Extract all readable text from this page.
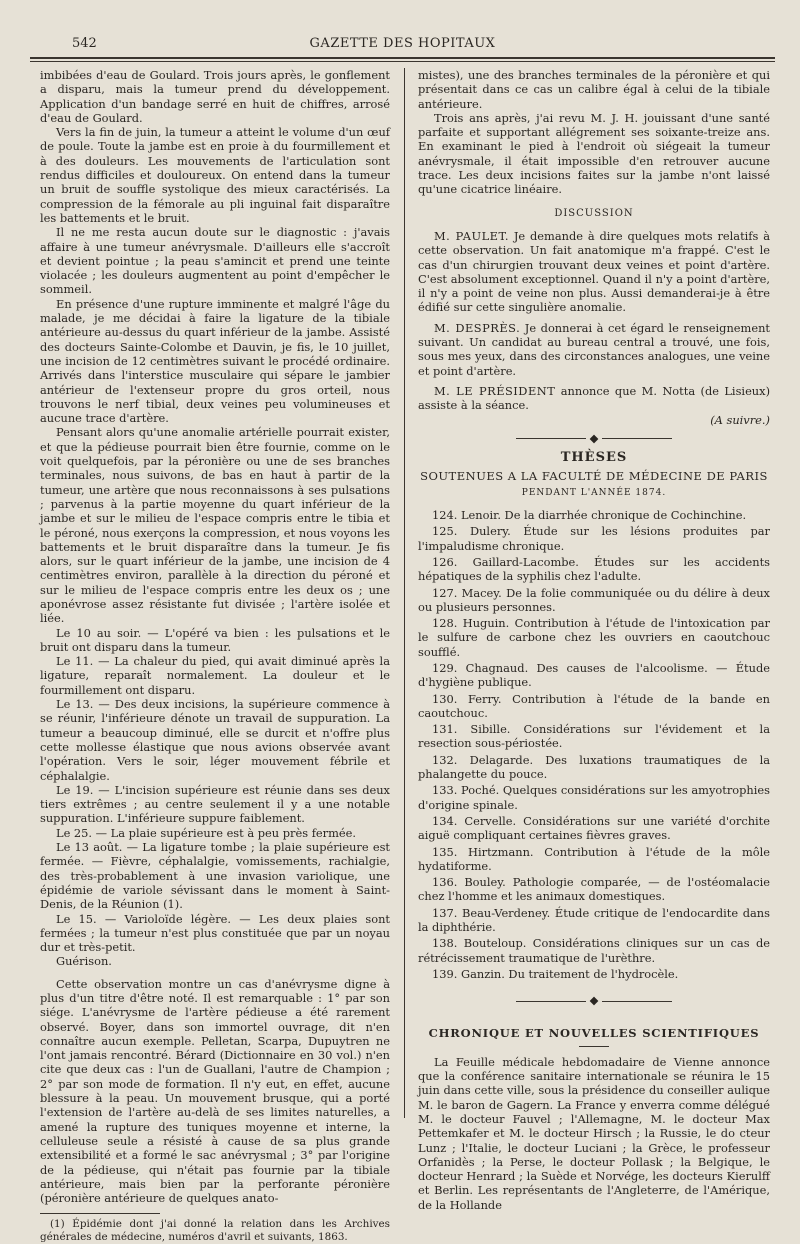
542	GAZETTE DES HOPITAUX

imbibées d'eau de Goulard. Trois jours après, le gonflement a disparu, mais la tumeur prend du développement. Application d'un bandage serré en huit de chiffres, arrosé d'eau de Goulard.

Vers la fin de juin, la tumeur a atteint le volume d'un œuf de poule. Toute la jambe est en proie à du fourmillement et à des douleurs. Les mouvements de l'articulation sont rendus difficiles et douloureux. On entend dans la tumeur un bruit de souffle systolique des mieux caractérisés. La compression de la fémorale au pli inguinal fait disparaître les battements et le bruit.

Il ne me resta aucun doute sur le diagnostic : j'avais affaire à une tumeur anévrysmale. D'ailleurs elle s'accroît et devient pointue ; la peau s'amincit et prend une teinte violacée ; les douleurs augmentent au point d'empêcher le sommeil.

En présence d'une rupture imminente et malgré l'âge du malade, je me décidai à faire la ligature de la tibiale antérieure au-dessus du quart inférieur de la jambe. Assisté des docteurs Sainte-Colombe et Dauvin, je fis, le 10 juillet, une incision de 12 centimètres suivant le procédé ordinaire. Arrivés dans l'interstice musculaire qui sépare le jambier antérieur de l'extenseur propre du gros orteil, nous trouvons le nerf tibial, deux veines peu volumineuses et aucune trace d'artère.

Pensant alors qu'une anomalie artérielle pourrait exister, et que la pédieuse pourrait bien être fournie, comme on le voit quelquefois, par la péronière ou une de ses branches terminales, nous suivons, de bas en haut à partir de la tumeur, une artère que nous reconnaissons à ses pulsations ; parvenus à la partie moyenne du quart inférieur de la jambe et sur le milieu de l'espace compris entre le tibia et le péroné, nous exerçons la compression, et nous voyons les battements et le bruit disparaître dans la tumeur. Je fis alors, sur le quart inférieur de la jambe, une incision de 4 centimètres environ, parallèle à la direction du péroné et sur le milieu de l'espace compris entre les deux os ; une aponévrose assez résistante fut divisée ; l'artère isolée et liée.

Le 10 au soir. — L'opéré va bien : les pulsations et le bruit ont disparu dans la tumeur.

Le 11. — La chaleur du pied, qui avait diminué après la ligature, reparaît normalement. La douleur et le fourmillement ont disparu.

Le 13. — Des deux incisions, la supérieure commence à se réunir, l'inférieure dénote un travail de suppuration. La tumeur a beaucoup diminué, elle se durcit et n'offre plus cette mollesse élastique que nous avions observée avant l'opération. Vers le soir, léger mouvement fébrile et céphalalgie.

Le 19. — L'incision supérieure est réunie dans ses deux tiers extrêmes ; au centre seulement il y a une notable suppuration. L'inférieure suppure faiblement.

Le 25. — La plaie supérieure est à peu près fermée.

Le 13 août. — La ligature tombe ; la plaie supérieure est fermée. — Fièvre, céphalalgie, vomissements, rachialgie, des très-probablement à une invasion variolique, une épidémie de variole sévissant dans le moment à Saint-Denis, de la Réunion (1).

Le 15. — Varioloïde légère. — Les deux plaies sont fermées ; la tumeur n'est plus constituée que par un noyau dur et très-petit.

Guérison.

Cette observation montre un cas d'anévrysme digne à plus d'un titre d'être noté. Il est remarquable : 1° par son siége. L'anévrysme de l'artère pédieuse a été rarement observé. Boyer, dans son immortel ouvrage, dit n'en connaître aucun exemple. Pelletan, Scarpa, Dupuytren ne l'ont jamais rencontré. Bérard (Dictionnaire en 30 vol.) n'en cite que deux cas : l'un de Guallani, l'autre de Champion ; 2° par son mode de formation. Il n'y eut, en effet, aucune blessure à la peau. Un mouvement brusque, qui a porté l'extension de l'artère au-delà de ses limites naturelles, a amené la rupture des tuniques moyenne et interne, la celluleuse seule a résisté à cause de sa plus grande extensibilité et a formé le sac anévrysmal ; 3° par l'origine de la pédieuse, qui n'était pas fournie par la tibiale antérieure, mais bien par la perforante péronière (péronière antérieure de quelques anato-

(1) Épidémie dont j'ai donné la relation dans les Archives générales de médecine, numéros d'avril et suivants, 1863.

mistes), une des branches terminales de la péronière et qui présentait dans ce cas un calibre égal à celui de la tibiale antérieure.

Trois ans après, j'ai revu M. J. H. jouissant d'une santé parfaite et supportant allégrement ses soixante-treize ans. En examinant le pied à l'endroit où siégeait la tumeur anévrysmale, il était impossible d'en retrouver aucune trace. Les deux incisions faites sur la jambe n'ont laissé qu'une cicatrice linéaire.

DISCUSSION

M. PAULET. Je demande à dire quelques mots relatifs à cette observation. Un fait anatomique m'a frappé. C'est le cas d'un chirurgien trouvant deux veines et point d'artère. C'est absolument exceptionnel. Quand il n'y a point d'artère, il n'y a point de veine non plus. Aussi demanderai-je à être édifié sur cette singulière anomalie.

M. DESPRÈS. Je donnerai à cet égard le renseignement suivant. Un candidat au bureau central a trouvé, une fois, sous mes yeux, dans des circonstances analogues, une veine et point d'artère.

M. LE PRÉSIDENT annonce que M. Notta (de Lisieux) assiste à la séance.

(A suivre.)

◆
THÈSES
SOUTENUES A LA FACULTÉ DE MÉDECINE DE PARIS
PENDANT L'ANNÉE 1874.

124. Lenoir. De la diarrhée chronique de Cochinchine.

125. Dulery. Étude sur les lésions produites par l'impaludisme chronique.

126. Gaillard-Lacombe. Études sur les accidents hépatiques de la syphilis chez l'adulte.

127. Macey. De la folie communiquée ou du délire à deux ou plusieurs personnes.

128. Huguin. Contribution à l'étude de l'intoxication par le sulfure de carbone chez les ouvriers en caoutchouc soufflé.

129. Chagnaud. Des causes de l'alcoolisme. — Étude d'hygiène publique.

130. Ferry. Contribution à l'étude de la bande en caoutchouc.

131. Sibille. Considérations sur l'évidement et la resection sous-périostée.

132. Delagarde. Des luxations traumatiques de la phalangette du pouce.

133. Poché. Quelques considérations sur les amyotrophies d'origine spinale.

134. Cervelle. Considérations sur une variété d'orchite aiguë compliquant certaines fièvres graves.

135. Hirtzmann. Contribution à l'étude de la môle hydatiforme.

136. Bouley. Pathologie comparée, — de l'ostéomalacie chez l'homme et les animaux domestiques.

137. Beau-Verdeney. Étude critique de l'endocardite dans la diphthérie.

138. Bouteloup. Considérations cliniques sur un cas de rétrécissement traumatique de l'urèthre.

139. Ganzin. Du traitement de l'hydrocèle.

◆
CHRONIQUE ET NOUVELLES SCIENTIFIQUES

La Feuille médicale hebdomadaire de Vienne annonce que la conférence sanitaire internationale se réunira le 15 juin dans cette ville, sous la présidence du conseiller aulique M. le baron de Gagern. La France y enverra comme délégué M. le docteur Fauvel ; l'Allemagne, M. le docteur Max Pettemkafer et M. le docteur Hirsch ; la Russie, le do cteur Lunz ; l'Italie, le docteur Luciani ; la Grèce, le professeur Orfanidès ; la Perse, le docteur Pollask ; la Belgique, le docteur Henrard ; la Suède et Norvége, les docteurs Kierulff et Berlin. Les représentants de l'Angleterre, de l'Amérique, de la Hollande
